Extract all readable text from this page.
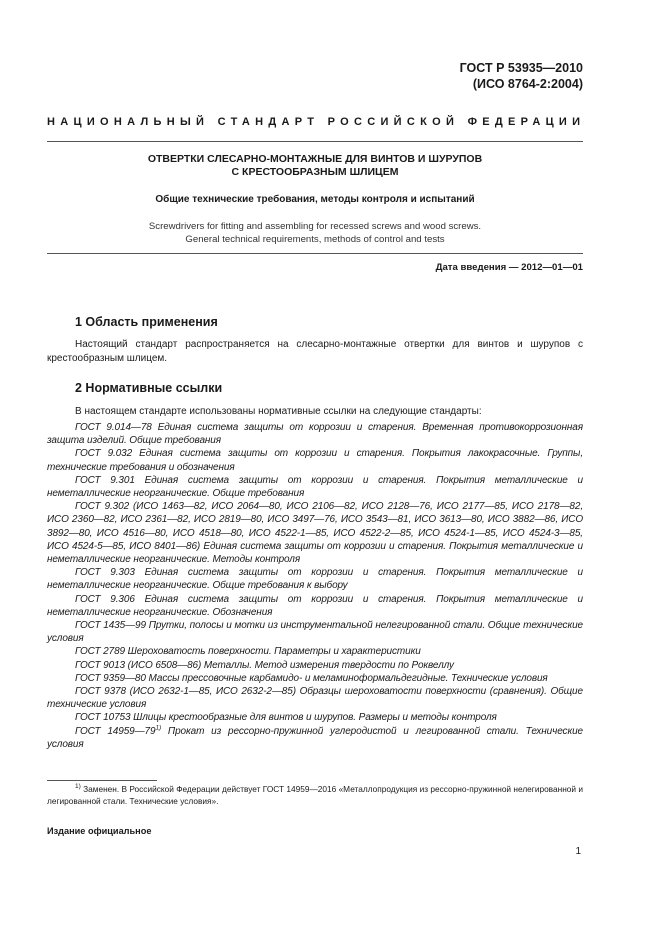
ГОСТ Р 53935—2010
(ИСО 8764-2:2004)
НАЦИОНАЛЬНЫЙ СТАНДАРТ РОССИЙСКОЙ ФЕДЕРАЦИИ
ОТВЕРТКИ СЛЕСАРНО-МОНТАЖНЫЕ ДЛЯ ВИНТОВ И ШУРУПОВ
С КРЕСТООБРАЗНЫМ ШЛИЦЕМ
Общие технические требования, методы контроля и испытаний
Screwdrivers for fitting and assembling for recessed screws and wood screws.
General technical requirements, methods of control and tests
Дата введения — 2012—01—01
1 Область применения
Настоящий стандарт распространяется на слесарно-монтажные отвертки для винтов и шурупов с крестообразным шлицем.
2 Нормативные ссылки
В настоящем стандарте использованы нормативные ссылки на следующие стандарты:
ГОСТ 9.014—78 Единая система защиты от коррозии и старения. Временная противокоррозионная защита изделий. Общие требования
ГОСТ 9.032 Единая система защиты от коррозии и старения. Покрытия лакокрасочные. Группы, технические требования и обозначения
ГОСТ 9.301 Единая система защиты от коррозии и старения. Покрытия металлические и неметаллические неорганические. Общие требования
ГОСТ 9.302 (ИСО 1463—82, ИСО 2064—80, ИСО 2106—82, ИСО 2128—76, ИСО 2177—85, ИСО 2178—82, ИСО 2360—82, ИСО 2361—82, ИСО 2819—80, ИСО 3497—76, ИСО 3543—81, ИСО 3613—80, ИСО 3882—86, ИСО 3892—80, ИСО 4516—80, ИСО 4518—80, ИСО 4522-1—85, ИСО 4522-2—85, ИСО 4524-1—85, ИСО 4524-3—85, ИСО 4524-5—85, ИСО 8401—86) Единая система защиты от коррозии и старения. Покрытия металлические и неметаллические неорганические. Методы контроля
ГОСТ 9.303 Единая система защиты от коррозии и старения. Покрытия металлические и неметаллические неорганические. Общие требования к выбору
ГОСТ 9.306 Единая система защиты от коррозии и старения. Покрытия металлические и неметаллические неорганические. Обозначения
ГОСТ 1435—99 Прутки, полосы и мотки из инструментальной нелегированной стали. Общие технические условия
ГОСТ 2789 Шероховатость поверхности. Параметры и характеристики
ГОСТ 9013 (ИСО 6508—86) Металлы. Метод измерения твердости по Роквеллу
ГОСТ 9359—80 Массы прессовочные карбамидо- и меламиноформальдегидные. Технические условия
ГОСТ 9378 (ИСО 2632-1—85, ИСО 2632-2—85) Образцы шероховатости поверхности (сравнения). Общие технические условия
ГОСТ 10753 Шлицы крестообразные для винтов и шурупов. Размеры и методы контроля
ГОСТ 14959—79$^{1)}$ Прокат из рессорно-пружинной углеродистой и легированной стали. Технические условия
$^{1)}$ Заменен. В Российской Федерации действует ГОСТ 14959—2016 «Металлопродукция из рессорно-пружинной нелегированной и легированной стали. Технические условия».
Издание официальное
1
